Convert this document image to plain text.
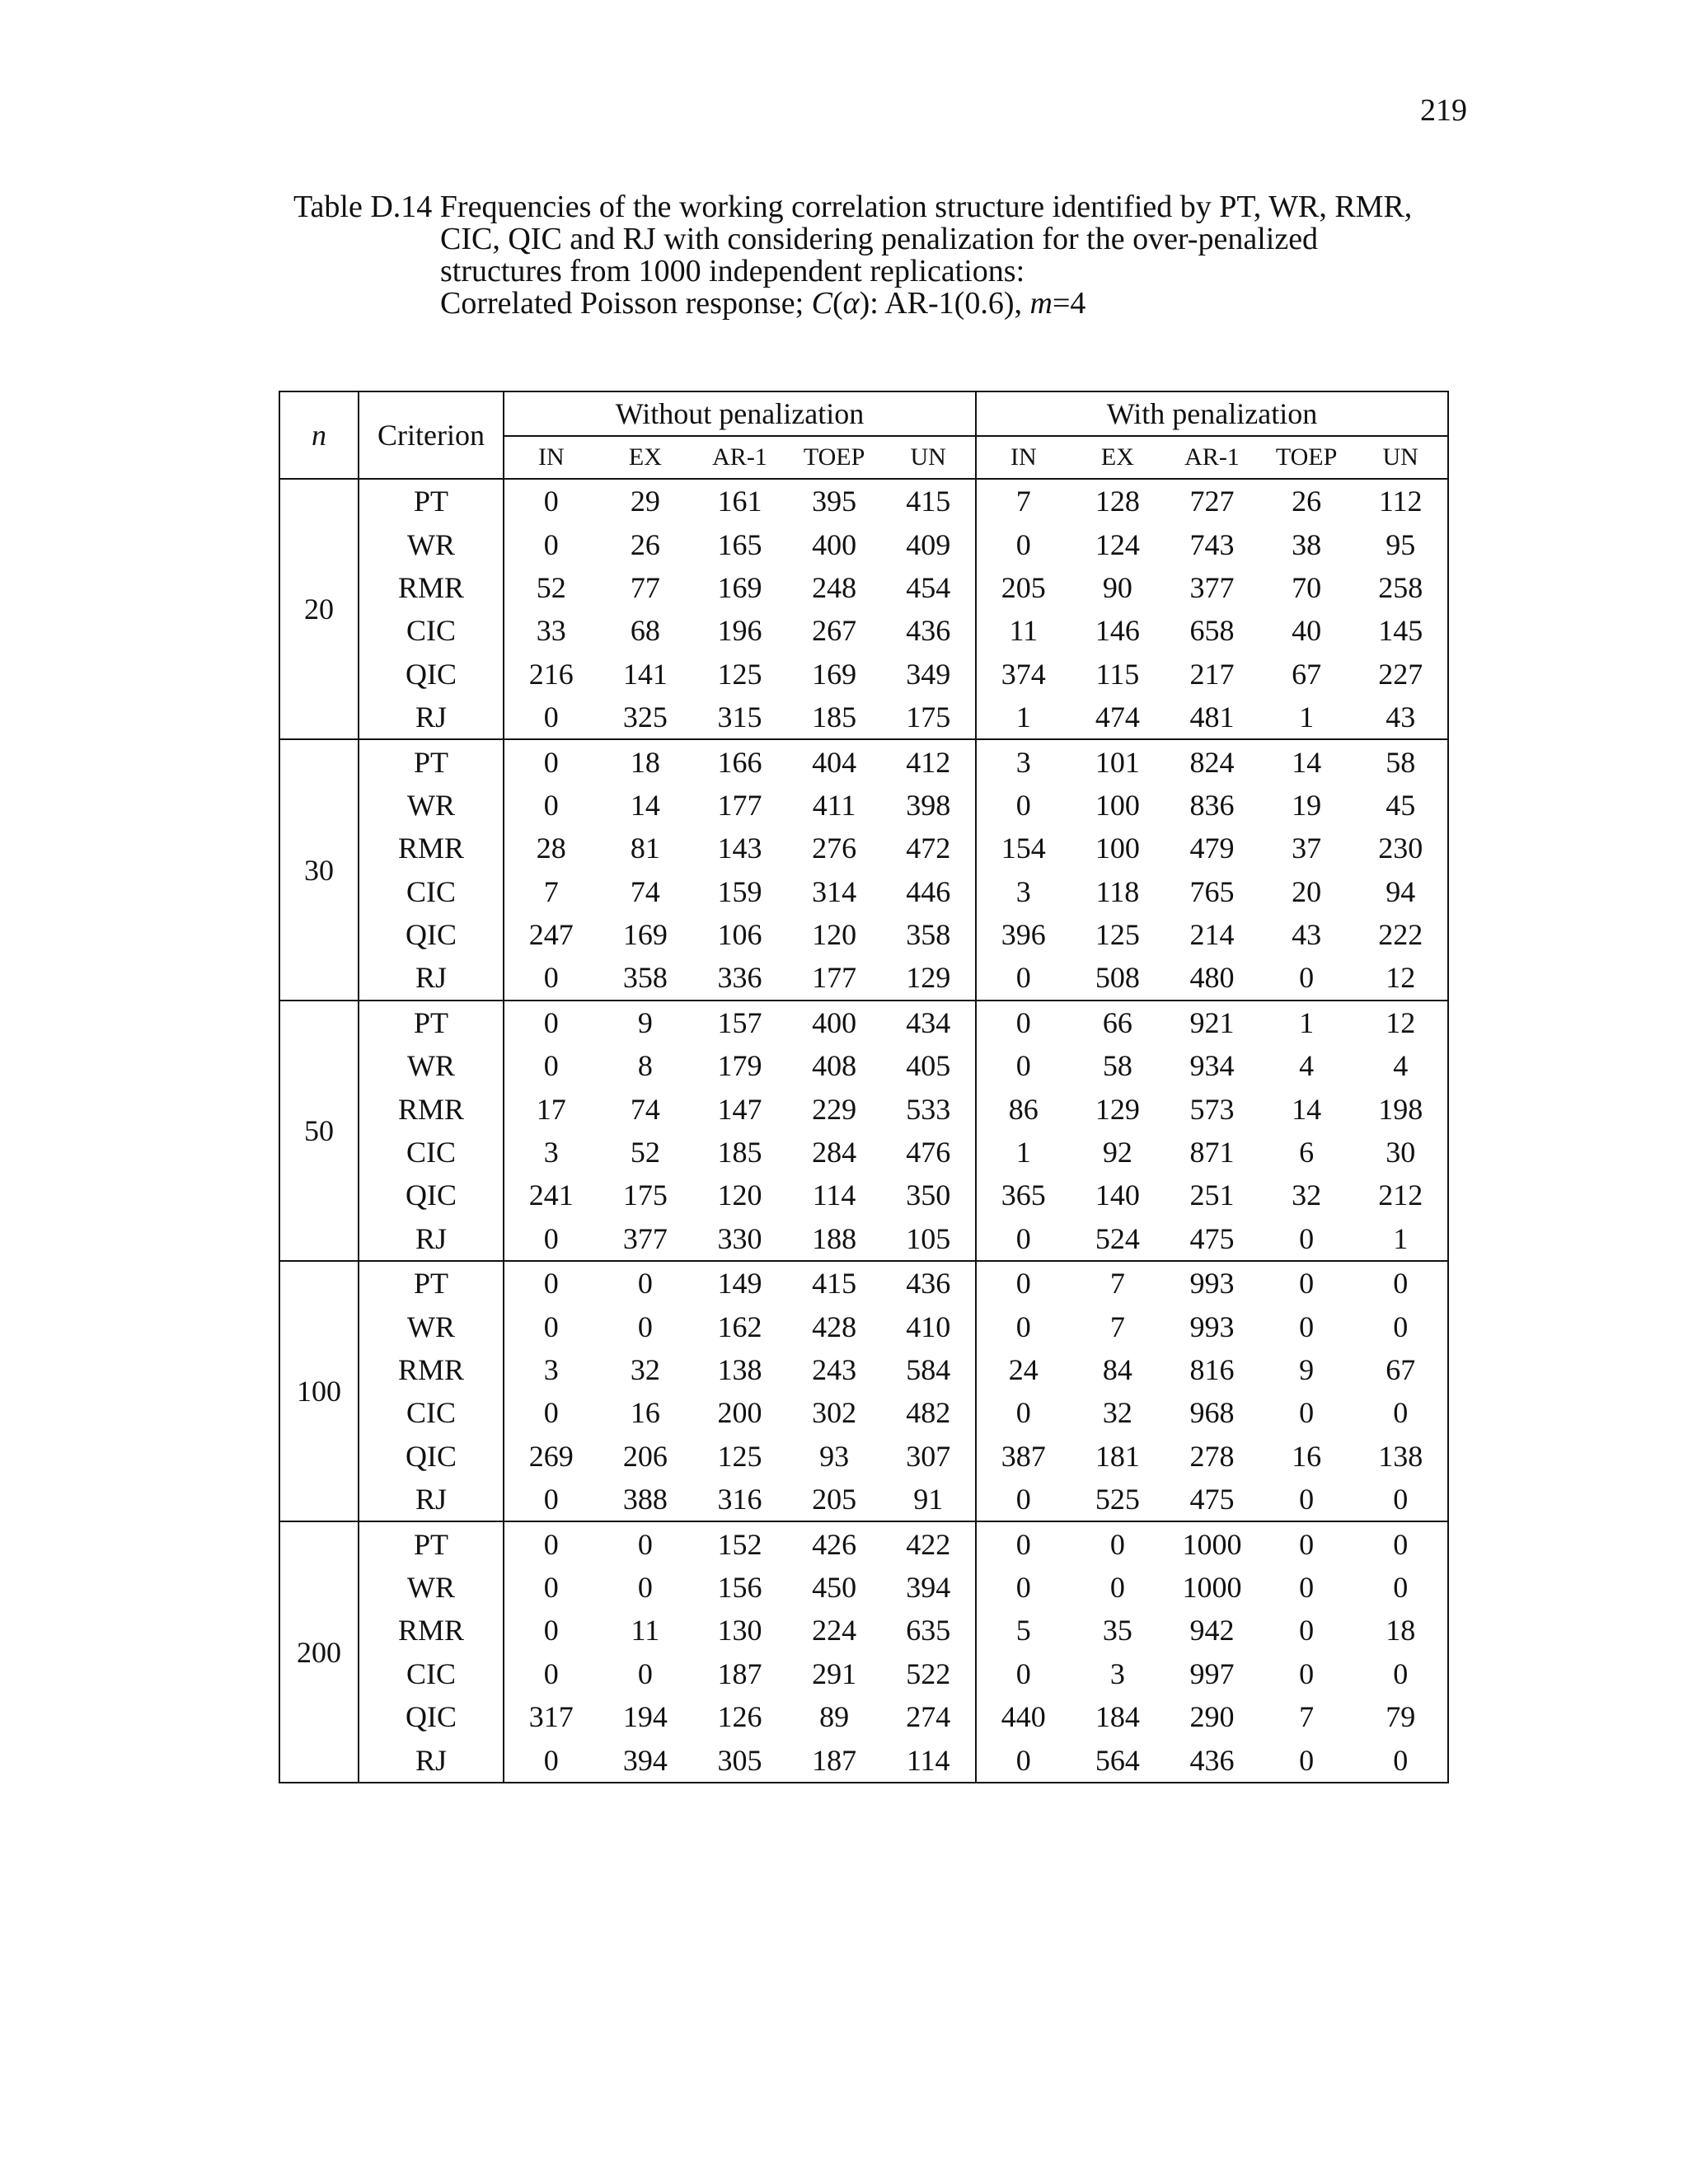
219
Table D.14 Frequencies of the working correlation structure identified by PT, WR, RMR,
CIC, QIC and RJ with considering penalization for the over-penalized
structures from 1000 independent replications:
Correlated Poisson response; C(α): AR-1(0.6), m=4
n	Criterion	Without penalization					With penalization				
		IN	EX	AR-1	TOEP	UN	IN	EX	AR-1	TOEP	UN
20	PT	0	29	161	395	415	7	128	727	26	112
	WR	0	26	165	400	409	0	124	743	38	95
	RMR	52	77	169	248	454	205	90	377	70	258
	CIC	33	68	196	267	436	11	146	658	40	145
	QIC	216	141	125	169	349	374	115	217	67	227
	RJ	0	325	315	185	175	1	474	481	1	43
30	PT	0	18	166	404	412	3	101	824	14	58
	WR	0	14	177	411	398	0	100	836	19	45
	RMR	28	81	143	276	472	154	100	479	37	230
	CIC	7	74	159	314	446	3	118	765	20	94
	QIC	247	169	106	120	358	396	125	214	43	222
	RJ	0	358	336	177	129	0	508	480	0	12
50	PT	0	9	157	400	434	0	66	921	1	12
	WR	0	8	179	408	405	0	58	934	4	4
	RMR	17	74	147	229	533	86	129	573	14	198
	CIC	3	52	185	284	476	1	92	871	6	30
	QIC	241	175	120	114	350	365	140	251	32	212
	RJ	0	377	330	188	105	0	524	475	0	1
100	PT	0	0	149	415	436	0	7	993	0	0
	WR	0	0	162	428	410	0	7	993	0	0
	RMR	3	32	138	243	584	24	84	816	9	67
	CIC	0	16	200	302	482	0	32	968	0	0
	QIC	269	206	125	93	307	387	181	278	16	138
	RJ	0	388	316	205	91	0	525	475	0	0
200	PT	0	0	152	426	422	0	0	1000	0	0
	WR	0	0	156	450	394	0	0	1000	0	0
	RMR	0	11	130	224	635	5	35	942	0	18
	CIC	0	0	187	291	522	0	3	997	0	0
	QIC	317	194	126	89	274	440	184	290	7	79
	RJ	0	394	305	187	114	0	564	436	0	0
